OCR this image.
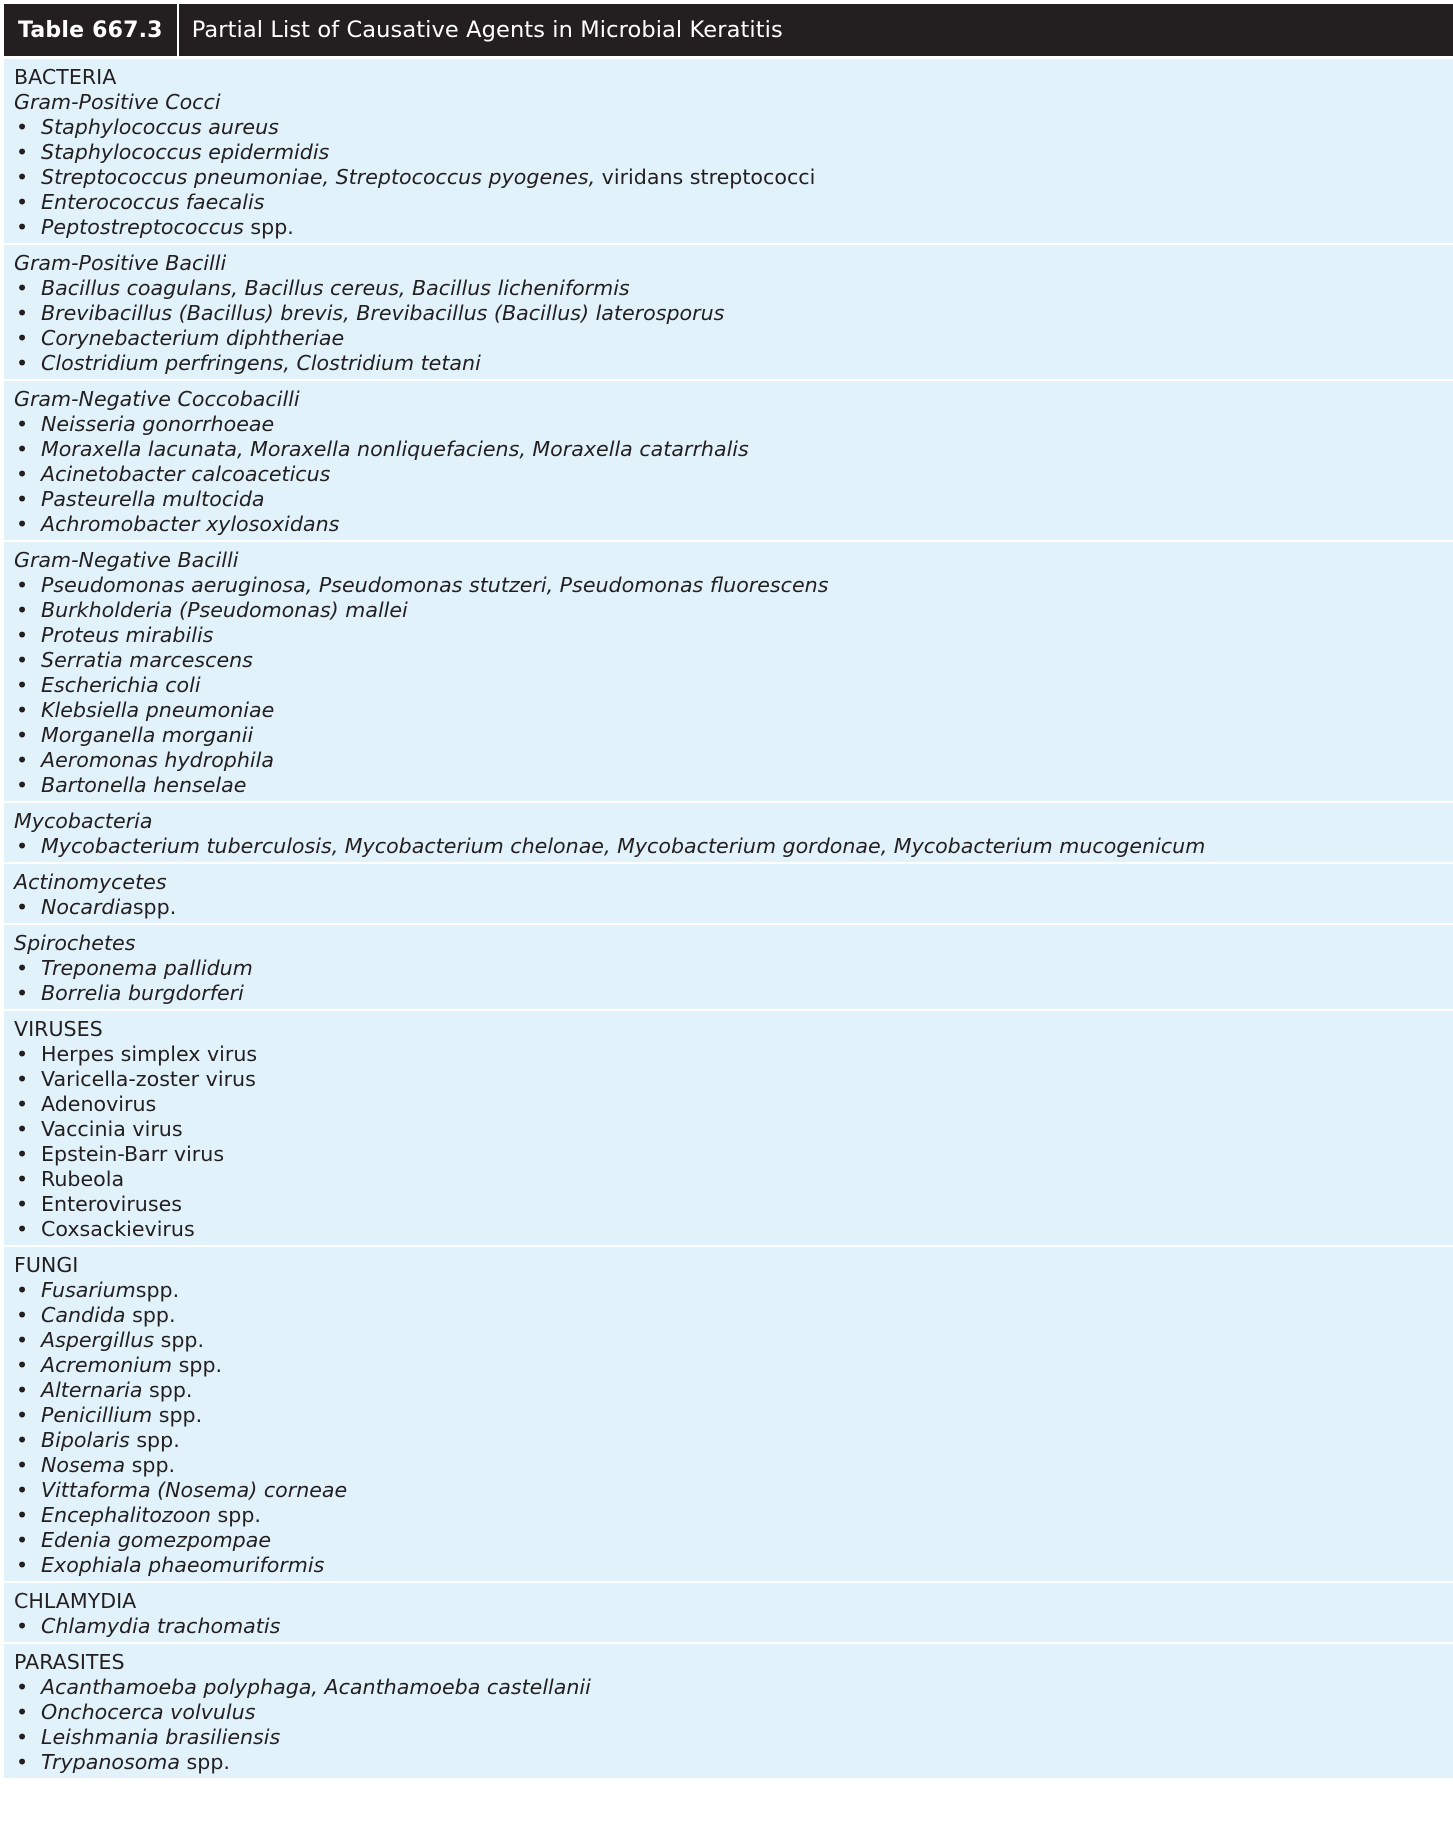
Table 667.3	Partial List of Causative Agents in Microbial Keratitis
BACTERIA
Gram-Positive Cocci
• Staphylococcus aureus
• Staphylococcus epidermidis
• Streptococcus pneumoniae, Streptococcus pyogenes, viridans streptococci
• Enterococcus faecalis
• Peptostreptococcus spp.
Gram-Positive Bacilli
• Bacillus coagulans, Bacillus cereus, Bacillus licheniformis
• Brevibacillus (Bacillus) brevis, Brevibacillus (Bacillus) laterosporus
• Corynebacterium diphtheriae
• Clostridium perfringens, Clostridium tetani
Gram-Negative Coccobacilli
• Neisseria gonorrhoeae
• Moraxella lacunata, Moraxella nonliquefaciens, Moraxella catarrhalis
• Acinetobacter calcoaceticus
• Pasteurella multocida
• Achromobacter xylosoxidans
Gram-Negative Bacilli
• Pseudomonas aeruginosa, Pseudomonas stutzeri, Pseudomonas fluorescens
• Burkholderia (Pseudomonas) mallei
• Proteus mirabilis
• Serratia marcescens
• Escherichia coli
• Klebsiella pneumoniae
• Morganella morganii
• Aeromonas hydrophila
• Bartonella henselae
Mycobacteria
• Mycobacterium tuberculosis, Mycobacterium chelonae, Mycobacterium gordonae, Mycobacterium mucogenicum
Actinomycetes
• Nocardiaspp.
Spirochetes
• Treponema pallidum
• Borrelia burgdorferi
VIRUSES
• Herpes simplex virus
• Varicella-zoster virus
• Adenovirus
• Vaccinia virus
• Epstein-Barr virus
• Rubeola
• Enteroviruses
• Coxsackievirus
FUNGI
• Fusariumspp.
• Candida spp.
• Aspergillus spp.
• Acremonium spp.
• Alternaria spp.
• Penicillium spp.
• Bipolaris spp.
• Nosema spp.
• Vittaforma (Nosema) corneae
• Encephalitozoon spp.
• Edenia gomezpompae
• Exophiala phaeomuriformis
CHLAMYDIA
• Chlamydia trachomatis
PARASITES
• Acanthamoeba polyphaga, Acanthamoeba castellanii
• Onchocerca volvulus
• Leishmania brasiliensis
• Trypanosoma spp.
